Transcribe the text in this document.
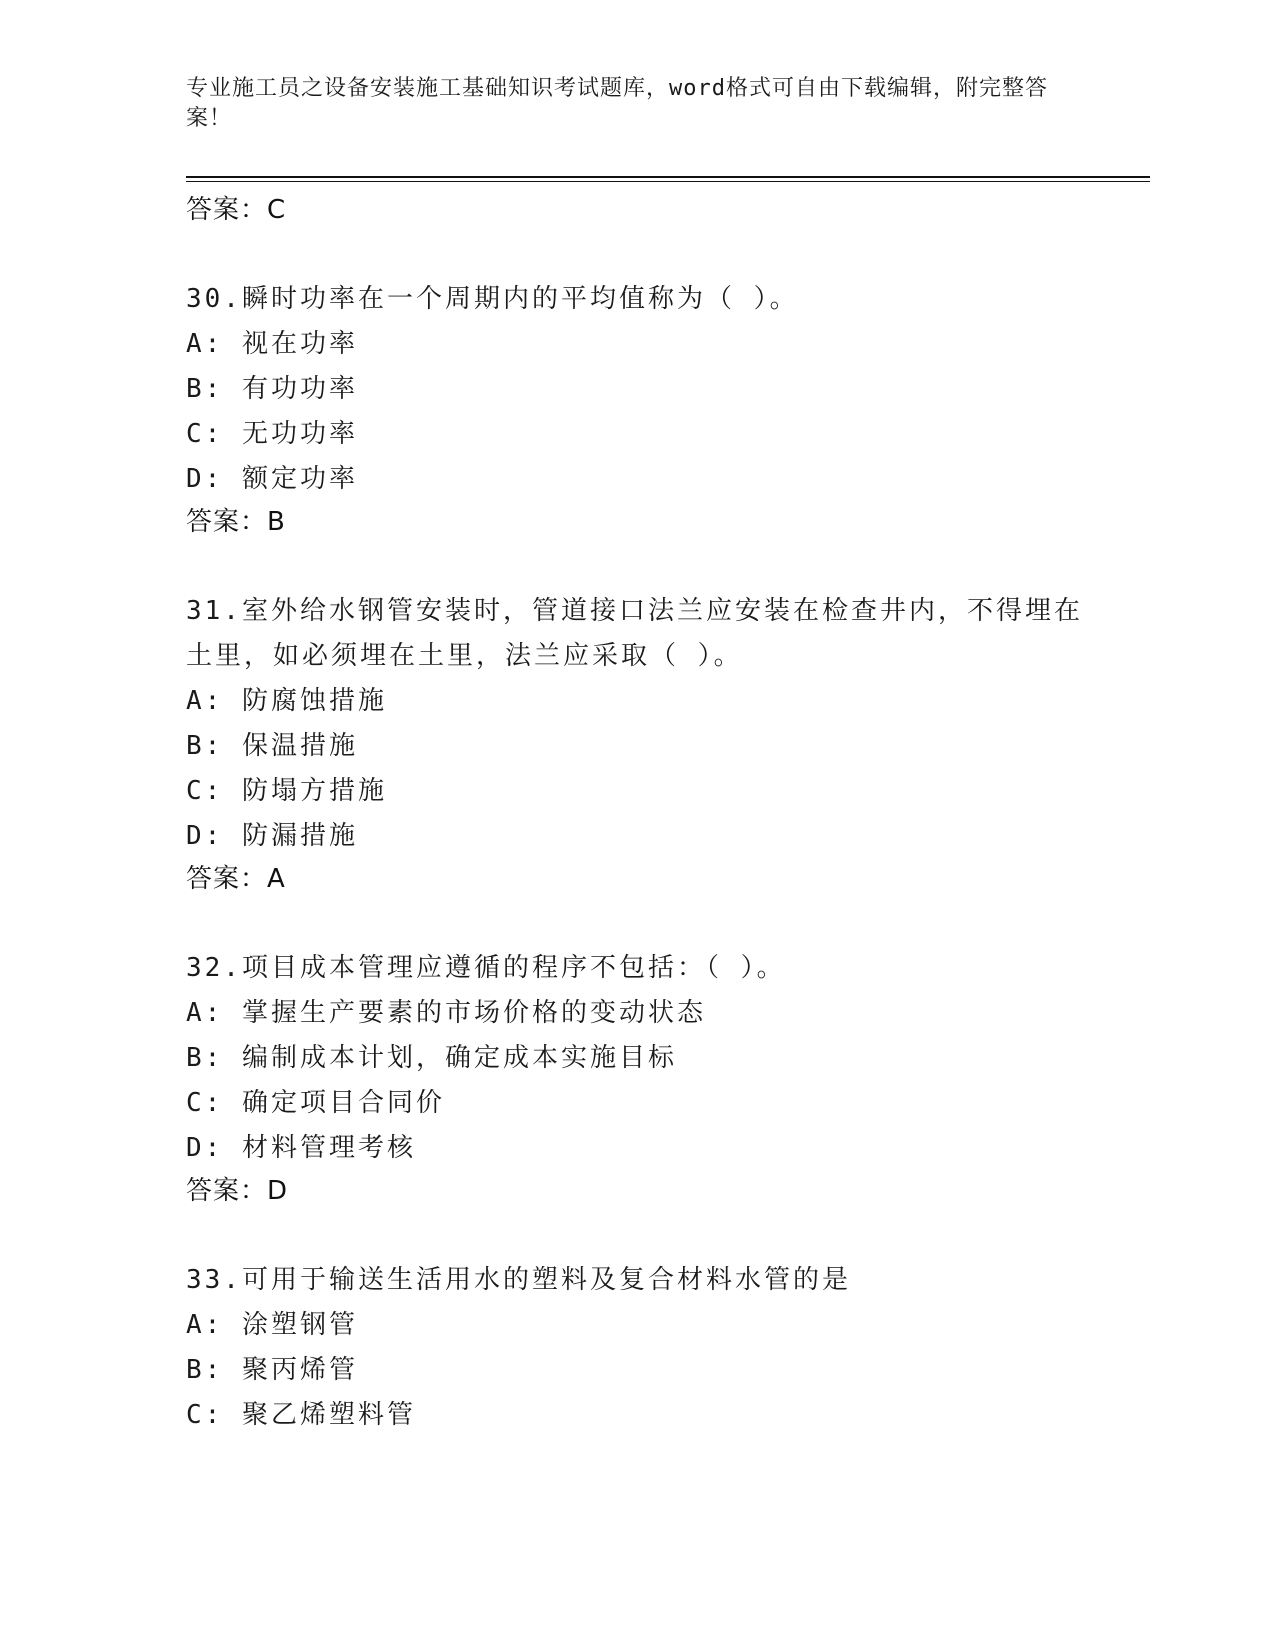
专业施工员之设备安装施工基础知识考试题库，word格式可自由下载编辑，附完整答案！
答案：C

30.瞬时功率在一个周期内的平均值称为（ ）。

A: 视在功率
B: 有功功率
C: 无功功率
D: 额定功率
答案：B

31.室外给水钢管安装时，管道接口法兰应安装在检查井内，不得埋在土里，如必须埋在土里，法兰应采取（ ）。

A: 防腐蚀措施
B: 保温措施
C: 防塌方措施
D: 防漏措施
答案：A

32.项目成本管理应遵循的程序不包括：（ ）。

A: 掌握生产要素的市场价格的变动状态
B: 编制成本计划，确定成本实施目标
C: 确定项目合同价
D: 材料管理考核
答案：D

33.可用于输送生活用水的塑料及复合材料水管的是

A: 涂塑钢管
B: 聚丙烯管
C: 聚乙烯塑料管
